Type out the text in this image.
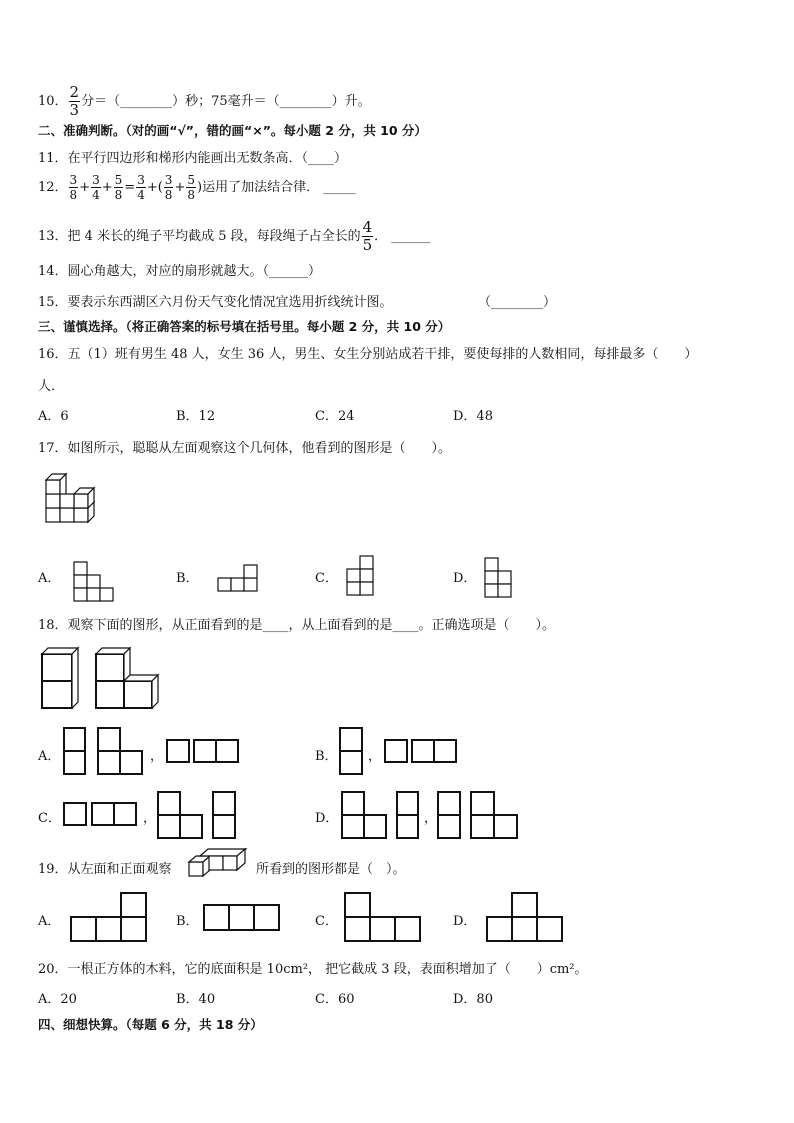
10． $\frac{2}{3}$ 分＝（________）秒；75毫升＝（________）升。
二、准确判断。（对的画“√”，错的画“×”。每小题 2 分，共 10 分）
11．在平行四边形和梯形内能画出无数条高．（____）
12． $\frac{3}{8} + \frac{3}{4} + \frac{5}{8} = \frac{3}{4}$ +( $\frac{3}{8} + \frac{5}{8}$ )运用了加法结合律． _____
13．把 4 米长的绳子平均截成 5 段，每段绳子占全长的 $\frac{4}{5}$ ． ______
14．圆心角越大，对应的扇形就越大。（______）
15．要表示东西湖区六月份天气变化情况宜选用折线统计图。	（________）
三、谨慎选择。（将正确答案的标号填在括号里。每小题 2 分，共 10 分）
16．五（1）班有男生 48 人，女生 36 人，男生、女生分别站成若干排，要使每排的人数相同，每排最多（　　）
人．
A．6	B．12	C．24	D．48
17．如图所示，聪聪从左面观察这个几何体，他看到的图形是（　　）。
A．	B．	C．	D．
18．观察下面的图形，从正面看到的是____，从上面看到的是____。正确选项是（　　）。
A．	，	B． ，
C．	，	D．	，
19．从左面和正面观察	所看到的图形都是（　）。
A．	B．	C．	D．
20．一根正方体的木料，它的底面积是 10cm²， 把它截成 3 段，表面积增加了（　　）cm²。
A．20	B．40	C．60	D．80
四、细想快算。（每题 6 分，共 18 分）
